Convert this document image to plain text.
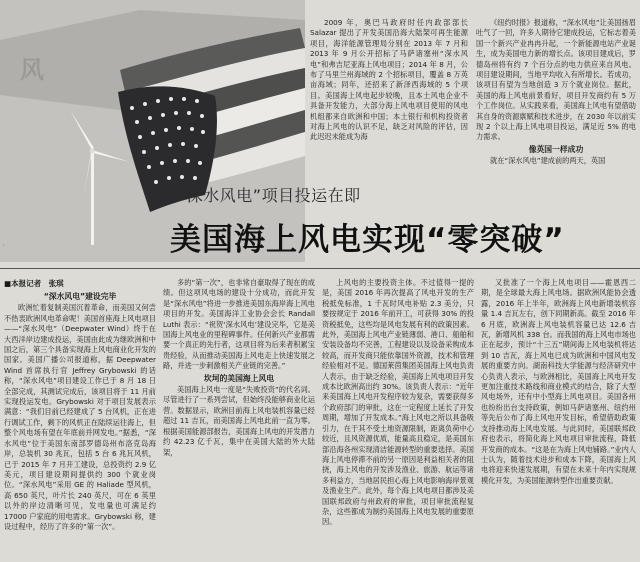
风
·

2009 年，奥巴马政府时任内政部部长 Salazar 提出了开发美国沿海大陆架可再生能源项目，海洋能源管理局分别在 2013 年 7 月和 2013 年 9 月公开招标了马萨诸塞州“深水风电”和弗吉尼亚海上风电项目；2014 年 8 月，公布了马里兰州海域的 2 个招标项目，覆盖 8 万英亩海域；同年，还招来了新泽西海域的 5 个项目。美国海上风电起步较晚，且本土风电企业不具备开发能力，大部分海上风电项目使用的风电机组都来自欧洲和中国；本土银行和机构投资者对海上风电的认识不足，缺乏对风险的评估，因此迟迟未能成为海

《纽约时报》报道称，“深水风电”让美国扬眉吐气了一回，许多人期待它建成投运，它标志着美国一个新兴产业冉冉升起，一个新能源电站产业诞生，成为美国电力新的增长点。该项目建成后，罗德岛州将有约 7 个百分点的电力供应来自风电。项目建设期间，当地平均收入有所增长。若成功，该项目有望为当地创造 3 万个就业岗位。据此，美国的海上风电前景看好，项目开发商约有 5 万个工作岗位。从实践来看，美国海上风电有望借助其自身的资源禀赋和技术进步，在 2030 年以前实现 2 个以上海上风电项目投运，满足近 5% 的电力需求。

像英国一样成功

就在“深水风电”建成前的两天，英国

“深水风电”项目投运在即
美国海上风电实现“零突破”
■本报记者　张琪
“深水风电”建设完毕

欧洲忙着复制美国沉着革命，而美国又何尝不热衷欧洲风电革命呢！美国首座海上风电项目——“深水风电”（Deepwater Wind）终于在大西洋岸边建成投运，美国由此成为继欧洲和中国之后，第三个具备实现海上风电商业化开发的国家。美国广播公司报道称，据 Deepwater Wind 首席执行官 Jeffrey Grybowski 的话称，“深水风电”项目建设工作已于 8 月 18 日全部完成，其测试完成后，该项目将于 11 月前实现投运发电。Grybowski 对于项目发展表示满意：“我们目前已经建成了 5 台风机，正在进行调试工作，剩下的风机正在陆续运往海上，但整个风电场有望在年底前并网发电。”据悉，“深水风电”位于美国东南部罗德岛州布洛克岛海岸，总装机 30 兆瓦，包括 5 台 6 兆瓦风机，已于 2015 年 7 月开工建设，总投资约 2.9 亿美元，项目建设期间提供约 300 个就业岗位。“深水风电”采用 GE 的 Haliade 型风机，高 650 英尺，叶片长 240 英尺，可在 6 英里以外的岸边清晰可见，发电量也可满足约 17000 户家庭的用电需求。Grybowski 称，建设过程中，经历了许多的“第一次”。

多的“第一次”，也非常自豪取得了现在的成绩。但这项风电场的建设十分成功，而此开发是“深水风电”将进一步推进美国东海岸海上风电项目的开发。美国海洋工业协会会长 Randall Luthi 表示：“祝贺‘深水风电’建设完毕，它是美国海上风电业的里程碑事件。任何新兴产业都需要一个真正的先行者，这项目将为后来者积累宝贵经验，从而推动美国海上风电走上快速发展之路，并进一步刺激相关产业链的完善。”

坎坷的美国海上风电

美国海上风电一度是“失败投资”的代名词。尽管进行了一系列尝试，但始终没能够商业化运营。数据显示，欧洲目前海上风电装机容量已经超过 11 吉瓦，而美国海上风电此前一直为零。根据美国能源部报告，美国海上风电的开发潜力约 42.23 亿千瓦，集中在美国大陆的外大陆架，

上风电的主要投资主体。不过值得一提的是，美国 2016 年再次提高了风电开发的生产税抵免标准，1 千瓦时风电补贴 2.3 美分，只要按规定于 2016 年前开工，可获得 30% 的投资税抵免，这些均是风电发展有利的政策因素。此外，美国海上风电产业链薄弱、港口、船舶和安装设备均不完善，工程建设以及设备采购成本较高，而开发商只能依靠国外资源，技术和管理经验相对不足。德国莱茵集团美国海上风电负责人表示，由于缺乏经验，美国海上风电项目开发成本比欧洲高出约 30%。该负责人表示：“近年来美国海上风电开发程序较为复杂，需要获得多个政府部门的审批，这在一定程度上延长了开发周期，增加了开发成本。”海上风电之所以具备吸引力，在于其不受土地资源限制，距离负荷中心较近，且风资源优质，能量高且稳定，是美国东部沿海各州实现清洁能源转型的重要选择。美国海上风电停滞不前的另一原因是利益相关者的阻挠，海上风电的开发涉及渔业、旅游、航运等诸多利益方，当地居民担心海上风电影响海岸景观及渔业生产。此外，每个海上风电项目都涉及美国联邦政府与州政府的审批，项目审批流程复杂，这些都成为制约美国海上风电发展的重要原因。

又批准了一个海上风电项目——霍恩西二期，是全球最大海上风电场。据欧洲风能协会透露，2016 年上半年，欧洲海上风电新增装机容量 1.4 吉瓦左右，创下同期新高。截至 2016 年 6 月底，欧洲海上风电装机容量已达 12.6 吉瓦，新增风机 338 台。而我国的海上风电市场也正在起步，预计“十三五”期间海上风电装机将达到 10 吉瓦，海上风电已成为欧洲和中国风电发展的重要方向。湖南科技大学能源与经济研究中心负责人表示，与欧洲相比，美国海上风电开发更加注重技术路线和商业模式的结合，除了大型风电场外，还有中小型海上风电项目。美国各州也纷纷出台支持政策，例如马萨诸塞州、纽约州等先后公布了海上风电开发目标，希望借助政策支持推动海上风电发展。与此同时，美国联邦政府也表示，将简化海上风电项目审批流程，降低开发商的成本。“这是在为海上风电铺路。”业内人士认为，随着技术进步和成本下降，美国海上风电将迎来快速发展期，有望在未来十年内实现规模化开发，为美国能源转型作出重要贡献。
